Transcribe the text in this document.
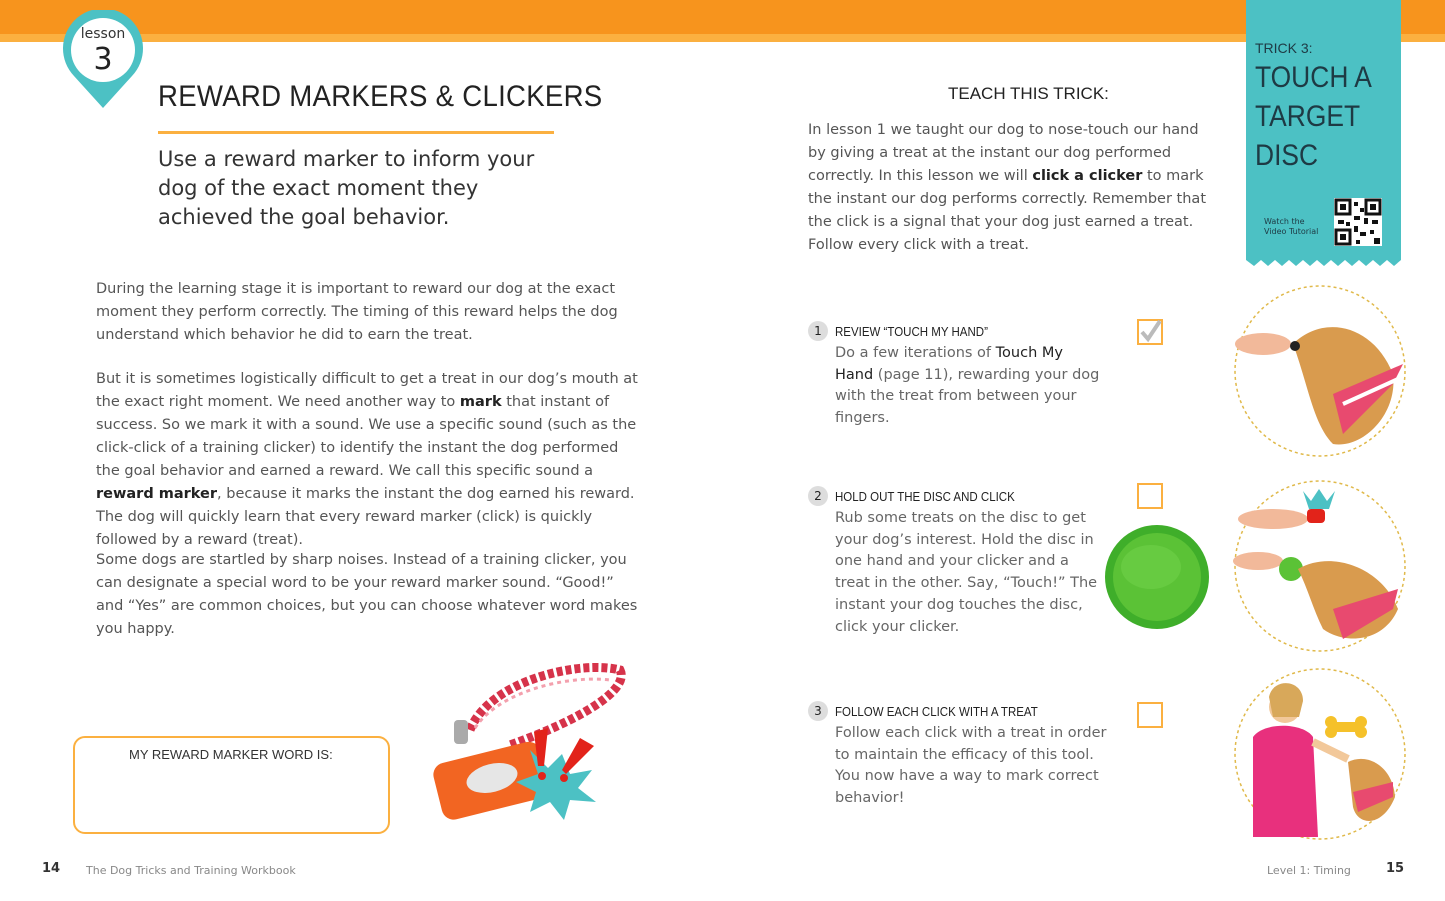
lesson
3
REWARD MARKERS & CLICKERS
Use a reward marker to inform your dog of the exact moment they achieved the goal behavior.

During the learning stage it is important to reward our dog at the exact moment they perform correctly. The timing of this reward helps the dog understand which behavior he did to earn the treat.

But it is sometimes logistically difficult to get a treat in our dog’s mouth at the exact right moment. We need another way to mark that instant of success. So we mark it with a sound. We use a specific sound (such as the click-click of a training clicker) to identify the instant the dog performed the goal behavior and earned a reward. We call this specific sound a reward marker, because it marks the instant the dog earned his reward. The dog will quickly learn that every reward marker (click) is quickly followed by a reward (treat).

Some dogs are startled by sharp noises. Instead of a training clicker, you can designate a special word to be your reward marker sound. “Good!” and “Yes” are common choices, but you can choose whatever word makes you happy.

MY REWARD MARKER WORD IS:
14 The Dog Tricks and Training Workbook	Level 1: Timing	15
TEACH THIS TRICK:

In lesson 1 we taught our dog to nose-touch our hand by giving a treat at the instant our dog performed correctly. In this lesson we will click a clicker to mark the instant our dog performs correctly. Remember that the click is a signal that your dog just earned a treat. Follow every click with a treat.

TRICK 3:
TOUCH A TARGET DISC
Watch the
Video Tutorial
1	REVIEW “TOUCH MY HAND”

Do a few iterations of Touch My Hand (page 11), rewarding your dog with the treat from between your fingers.

2	HOLD OUT THE DISC AND CLICK

Rub some treats on the disc to get your dog’s interest. Hold the disc in one hand and your clicker and a treat in the other. Say, “Touch!” The instant your dog touches the disc, click your clicker.

3	FOLLOW EACH CLICK WITH A TREAT

Follow each click with a treat in order to maintain the efficacy of this tool. You now have a way to mark correct behavior!
